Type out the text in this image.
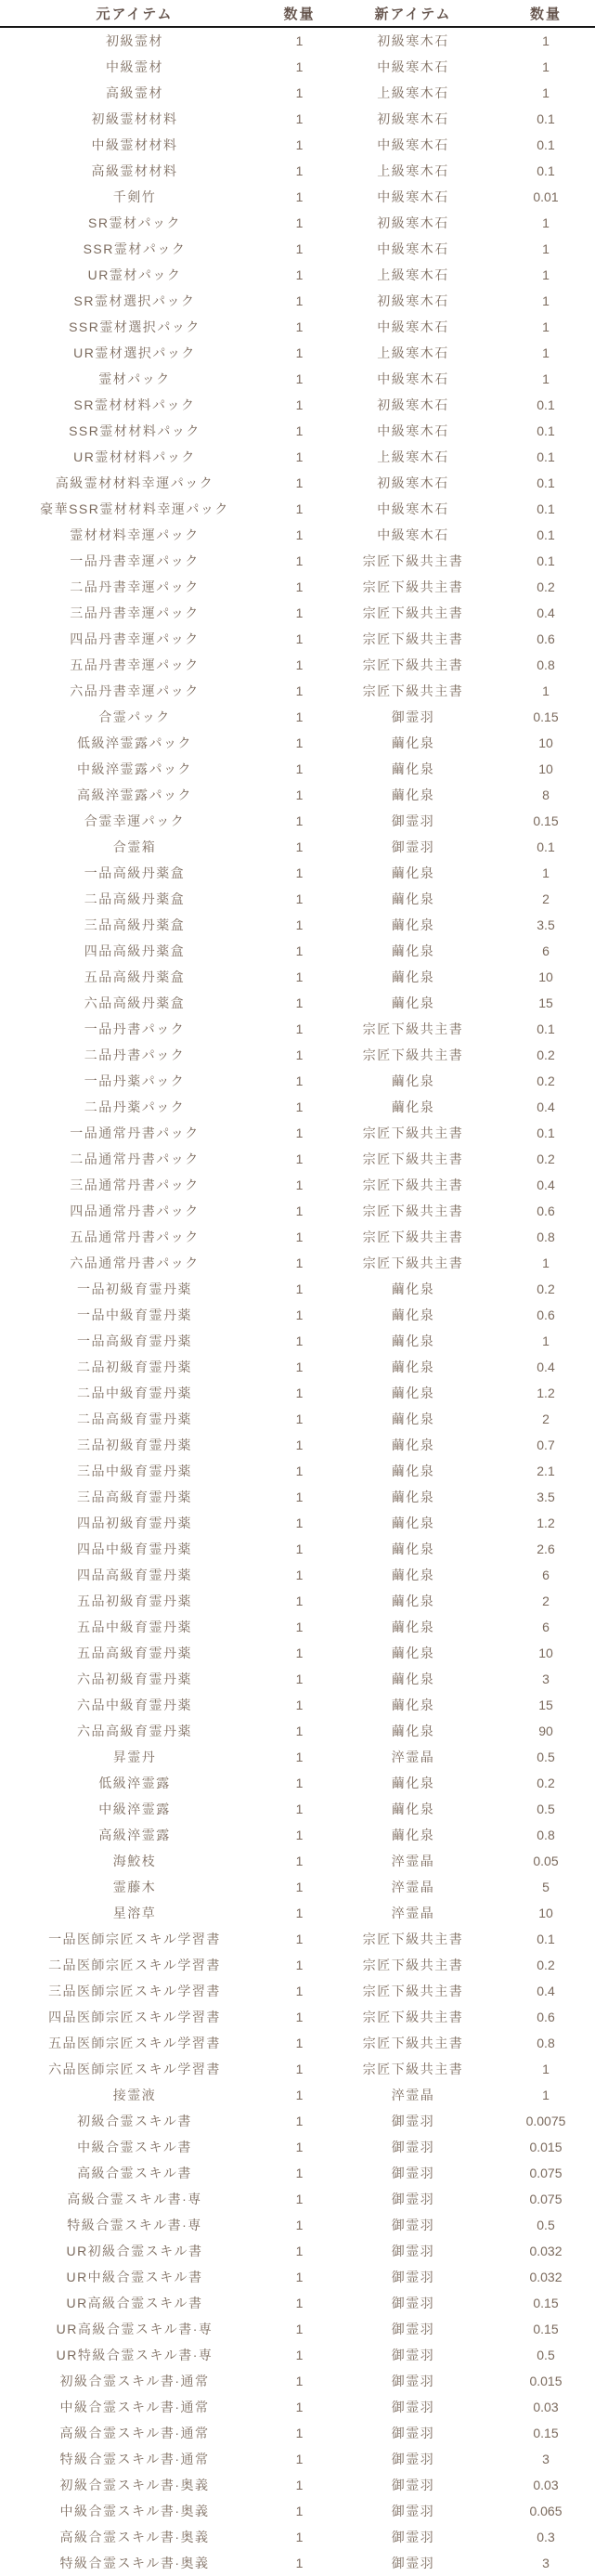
元アイテム	数量	新アイテム	数量
初級霊材	1	初級寒木石	1
中級霊材	1	中級寒木石	1
高級霊材	1	上級寒木石	1
初級霊材材料	1	初級寒木石	0.1
中級霊材材料	1	中級寒木石	0.1
高級霊材材料	1	上級寒木石	0.1
千剣竹	1	中級寒木石	0.01
SR霊材パック	1	初級寒木石	1
SSR霊材パック	1	中級寒木石	1
UR霊材パック	1	上級寒木石	1
SR霊材選択パック	1	初級寒木石	1
SSR霊材選択パック	1	中級寒木石	1
UR霊材選択パック	1	上級寒木石	1
霊材パック	1	中級寒木石	1
SR霊材材料パック	1	初級寒木石	0.1
SSR霊材材料パック	1	中級寒木石	0.1
UR霊材材料パック	1	上級寒木石	0.1
高級霊材材料幸運パック	1	初級寒木石	0.1
豪華SSR霊材材料幸運パック	1	中級寒木石	0.1
霊材材料幸運パック	1	中級寒木石	0.1
一品丹書幸運パック	1	宗匠下級共主書	0.1
二品丹書幸運パック	1	宗匠下級共主書	0.2
三品丹書幸運パック	1	宗匠下級共主書	0.4
四品丹書幸運パック	1	宗匠下級共主書	0.6
五品丹書幸運パック	1	宗匠下級共主書	0.8
六品丹書幸運パック	1	宗匠下級共主書	1
合霊パック	1	御霊羽	0.15
低級淬霊露パック	1	繭化泉	10
中級淬霊露パック	1	繭化泉	10
高級淬霊露パック	1	繭化泉	8
合霊幸運パック	1	御霊羽	0.15
合霊箱	1	御霊羽	0.1
一品高級丹薬盒	1	繭化泉	1
二品高級丹薬盒	1	繭化泉	2
三品高級丹薬盒	1	繭化泉	3.5
四品高級丹薬盒	1	繭化泉	6
五品高級丹薬盒	1	繭化泉	10
六品高級丹薬盒	1	繭化泉	15
一品丹書パック	1	宗匠下級共主書	0.1
二品丹書パック	1	宗匠下級共主書	0.2
一品丹薬パック	1	繭化泉	0.2
二品丹薬パック	1	繭化泉	0.4
一品通常丹書パック	1	宗匠下級共主書	0.1
二品通常丹書パック	1	宗匠下級共主書	0.2
三品通常丹書パック	1	宗匠下級共主書	0.4
四品通常丹書パック	1	宗匠下級共主書	0.6
五品通常丹書パック	1	宗匠下級共主書	0.8
六品通常丹書パック	1	宗匠下級共主書	1
一品初級育霊丹薬	1	繭化泉	0.2
一品中級育霊丹薬	1	繭化泉	0.6
一品高級育霊丹薬	1	繭化泉	1
二品初級育霊丹薬	1	繭化泉	0.4
二品中級育霊丹薬	1	繭化泉	1.2
二品高級育霊丹薬	1	繭化泉	2
三品初級育霊丹薬	1	繭化泉	0.7
三品中級育霊丹薬	1	繭化泉	2.1
三品高級育霊丹薬	1	繭化泉	3.5
四品初級育霊丹薬	1	繭化泉	1.2
四品中級育霊丹薬	1	繭化泉	2.6
四品高級育霊丹薬	1	繭化泉	6
五品初級育霊丹薬	1	繭化泉	2
五品中級育霊丹薬	1	繭化泉	6
五品高級育霊丹薬	1	繭化泉	10
六品初級育霊丹薬	1	繭化泉	3
六品中級育霊丹薬	1	繭化泉	15
六品高級育霊丹薬	1	繭化泉	90
昇霊丹	1	淬霊晶	0.5
低級淬霊露	1	繭化泉	0.2
中級淬霊露	1	繭化泉	0.5
高級淬霊露	1	繭化泉	0.8
海鮫枝	1	淬霊晶	0.05
霊藤木	1	淬霊晶	5
星溶草	1	淬霊晶	10
一品医師宗匠スキル学習書	1	宗匠下級共主書	0.1
二品医師宗匠スキル学習書	1	宗匠下級共主書	0.2
三品医師宗匠スキル学習書	1	宗匠下級共主書	0.4
四品医師宗匠スキル学習書	1	宗匠下級共主書	0.6
五品医師宗匠スキル学習書	1	宗匠下級共主書	0.8
六品医師宗匠スキル学習書	1	宗匠下級共主書	1
接霊液	1	淬霊晶	1
初級合霊スキル書	1	御霊羽	0.0075
中級合霊スキル書	1	御霊羽	0.015
高級合霊スキル書	1	御霊羽	0.075
高級合霊スキル書·専	1	御霊羽	0.075
特級合霊スキル書·専	1	御霊羽	0.5
UR初級合霊スキル書	1	御霊羽	0.032
UR中級合霊スキル書	1	御霊羽	0.032
UR高級合霊スキル書	1	御霊羽	0.15
UR高級合霊スキル書·専	1	御霊羽	0.15
UR特級合霊スキル書·専	1	御霊羽	0.5
初級合霊スキル書·通常	1	御霊羽	0.015
中級合霊スキル書·通常	1	御霊羽	0.03
高級合霊スキル書·通常	1	御霊羽	0.15
特級合霊スキル書·通常	1	御霊羽	3
初級合霊スキル書·奥義	1	御霊羽	0.03
中級合霊スキル書·奥義	1	御霊羽	0.065
高級合霊スキル書·奥義	1	御霊羽	0.3
特級合霊スキル書·奥義	1	御霊羽	3
